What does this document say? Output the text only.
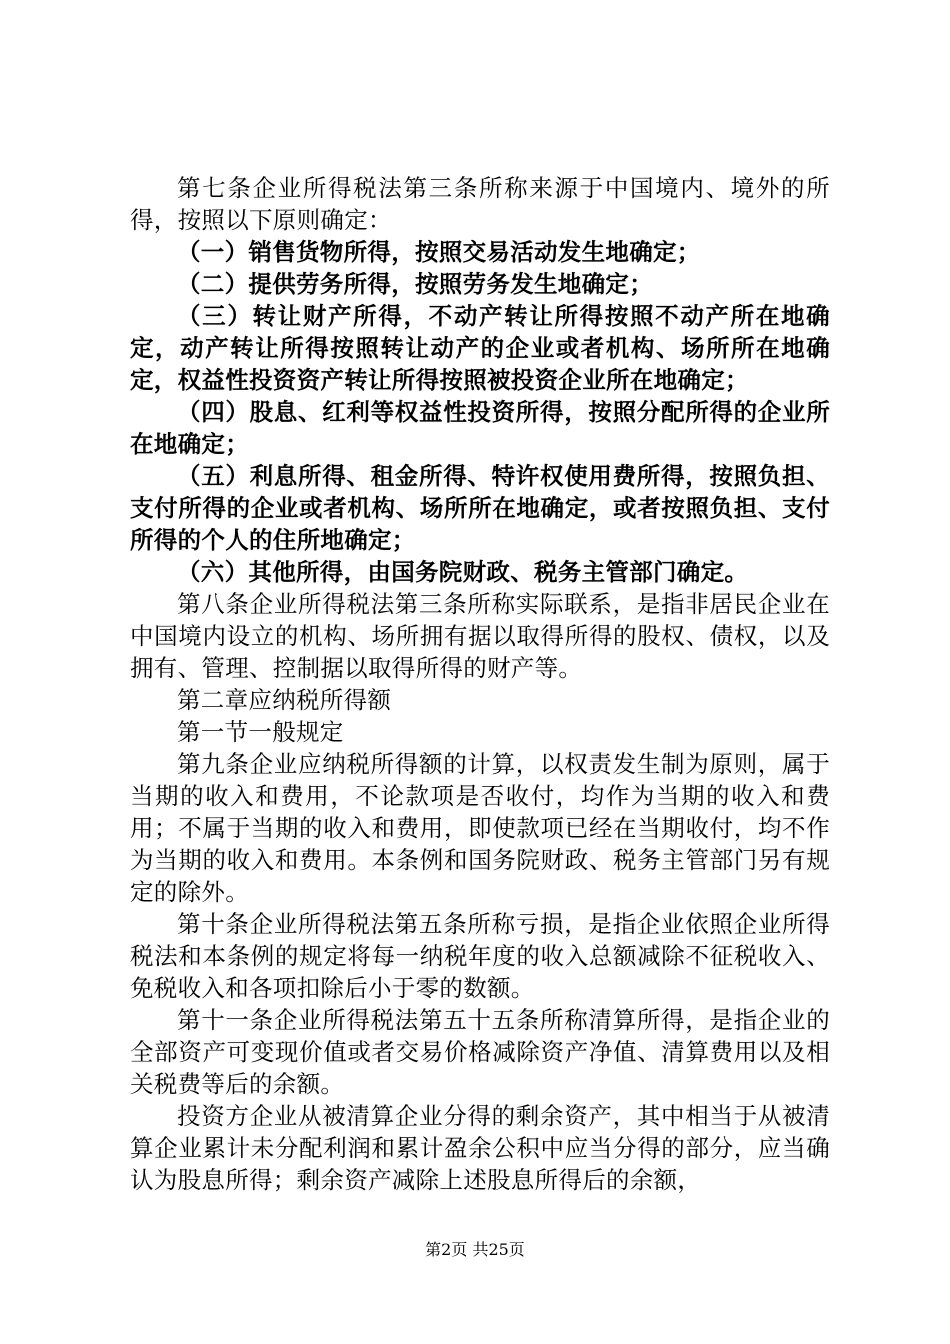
第七条企业所得税法第三条所称来源于中国境内、境外的所得，按照以下原则确定：

（一）销售货物所得，按照交易活动发生地确定；

（二）提供劳务所得，按照劳务发生地确定；

（三）转让财产所得，不动产转让所得按照不动产所在地确定，动产转让所得按照转让动产的企业或者机构、场所所在地确定，权益性投资资产转让所得按照被投资企业所在地确定；

（四）股息、红利等权益性投资所得，按照分配所得的企业所在地确定；

（五）利息所得、租金所得、特许权使用费所得，按照负担、支付所得的企业或者机构、场所所在地确定，或者按照负担、支付所得的个人的住所地确定；

（六）其他所得，由国务院财政、税务主管部门确定。

第八条企业所得税法第三条所称实际联系，是指非居民企业在中国境内设立的机构、场所拥有据以取得所得的股权、债权，以及拥有、管理、控制据以取得所得的财产等。

第二章应纳税所得额

第一节一般规定

第九条企业应纳税所得额的计算，以权责发生制为原则，属于当期的收入和费用，不论款项是否收付，均作为当期的收入和费用；不属于当期的收入和费用，即使款项已经在当期收付，均不作为当期的收入和费用。本条例和国务院财政、税务主管部门另有规定的除外。

第十条企业所得税法第五条所称亏损，是指企业依照企业所得税法和本条例的规定将每一纳税年度的收入总额减除不征税收入、免税收入和各项扣除后小于零的数额。

第十一条企业所得税法第五十五条所称清算所得，是指企业的全部资产可变现价值或者交易价格减除资产净值、清算费用以及相关税费等后的余额。

投资方企业从被清算企业分得的剩余资产，其中相当于从被清算企业累计未分配利润和累计盈余公积中应当分得的部分，应当确认为股息所得；剩余资产减除上述股息所得后的余额，

第2页 共25页
